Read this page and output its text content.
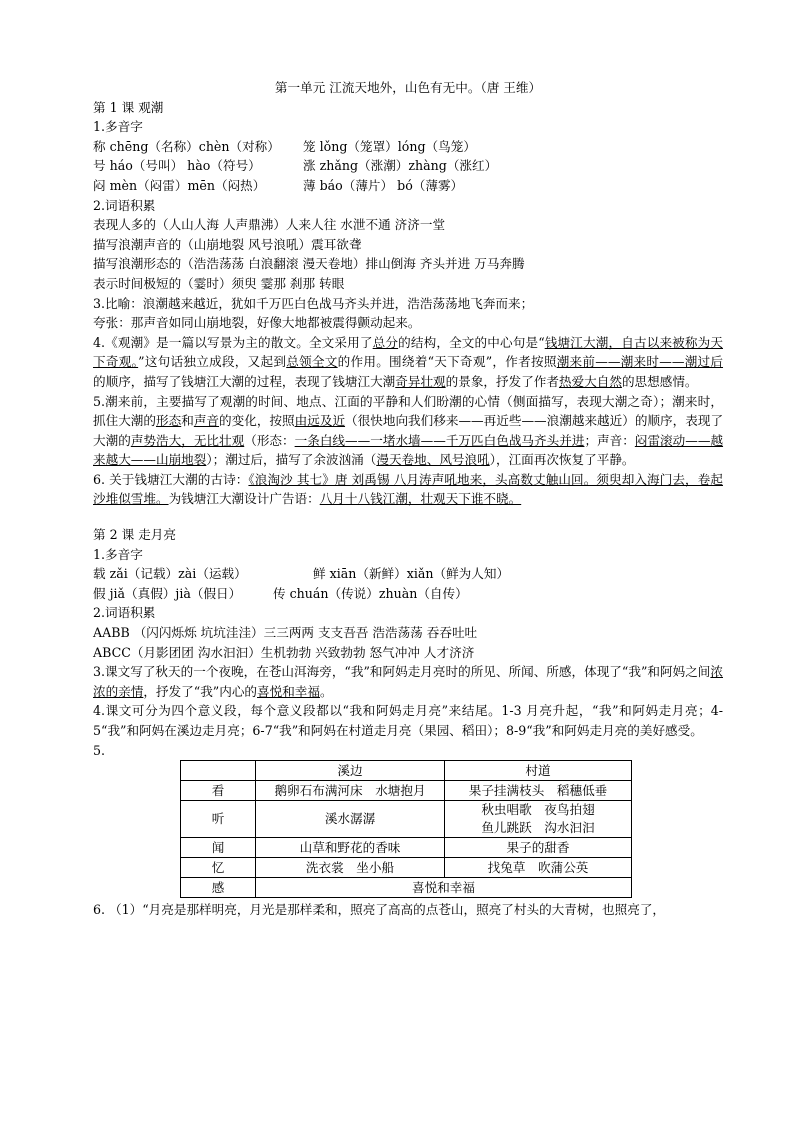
第一单元 江流天地外，山色有无中。（唐 王维）
第 1 课 观潮
1.多音字
称 chēng（名称）chèn（对称） 笼 lǒng（笼罩）lóng（鸟笼）
号 háo（号叫） hào（符号）	涨 zhǎng（涨潮）zhàng（涨红）
闷 mèn（闷雷）mēn（闷热）	薄 báo（薄片） bó（薄雾）
2.词语积累
表现人多的（人山人海 人声鼎沸）人来人往 水泄不通 济济一堂
描写浪潮声音的（山崩地裂 风号浪吼）震耳欲聋
描写浪潮形态的（浩浩荡荡 白浪翻滚 漫天卷地）排山倒海 齐头并进 万马奔腾
表示时间极短的（霎时）须臾 霎那 刹那 转眼
3.比喻：浪潮越来越近，犹如千万匹白色战马齐头并进，浩浩荡荡地飞奔而来；
夸张：那声音如同山崩地裂，好像大地都被震得颤动起来。
4.《观潮》是一篇以写景为主的散文。全文采用了总分的结构，全文的中心句是“钱塘江大潮，自古以来被称为天下奇观。”这句话独立成段，又起到总领全文的作用。围绕着“天下奇观”，作者按照潮来前——潮来时——潮过后的顺序，描写了钱塘江大潮的过程，表现了钱塘江大潮奇异壮观的景象，抒发了作者热爱大自然的思想感情。
5.潮来前，主要描写了观潮的时间、地点、江面的平静和人们盼潮的心情（侧面描写，表现大潮之奇）；潮来时，抓住大潮的形态和声音的变化，按照由远及近（很快地向我们移来——再近些——浪潮越来越近）的顺序，表现了大潮的声势浩大，无比壮观（形态：一条白线——一堵水墙——千万匹白色战马齐头并进；声音：闷雷滚动——越来越大——山崩地裂）；潮过后，描写了余波汹涌（漫天卷地、风号浪吼），江面再次恢复了平静。
6. 关于钱塘江大潮的古诗：《浪淘沙 其七》唐 刘禹锡 八月涛声吼地来，头高数丈触山回。须臾却入海门去，卷起沙堆似雪堆。为钱塘江大潮设计广告语：八月十八钱江潮，壮观天下谁不晓。
第 2 课 走月亮
1.多音字
载 zǎi（记载）zài（运载）	鲜 xiān（新鲜）xiǎn（鲜为人知）
假 jiǎ（真假）jià（假日）	传 chuán（传说）zhuàn（自传）
2.词语积累
AABB （闪闪烁烁 坑坑洼洼）三三两两 支支吾吾 浩浩荡荡 吞吞吐吐
ABCC（月影团团 沟水汩汩）生机勃勃 兴致勃勃 怒气冲冲 人才济济
3.课文写了秋天的一个夜晚，在苍山洱海旁，“我”和阿妈走月亮时的所见、所闻、所感，体现了“我”和阿妈之间浓浓的亲情，抒发了“我”内心的喜悦和幸福。
4.课文可分为四个意义段，每个意义段都以“我和阿妈走月亮”来结尾。1-3 月亮升起，“我”和阿妈走月亮；4-5“我”和阿妈在溪边走月亮；6-7“我”和阿妈在村道走月亮（果园、稻田）；8-9“我”和阿妈走月亮的美好感受。
5.
	溪边	村道
看	鹅卵石布满河床　水塘抱月	果子挂满枝头　稻穗低垂
听	溪水潺潺	秋虫唱歌　夜鸟拍翅
鱼儿跳跃　沟水汩汩

闻	山草和野花的香味	果子的甜香
忆	洗衣裳　坐小船	找兔草　吹蒲公英
感	喜悦和幸福	
6. （1）“月亮是那样明亮，月光是那样柔和，照亮了高高的点苍山，照亮了村头的大青树，也照亮了，
